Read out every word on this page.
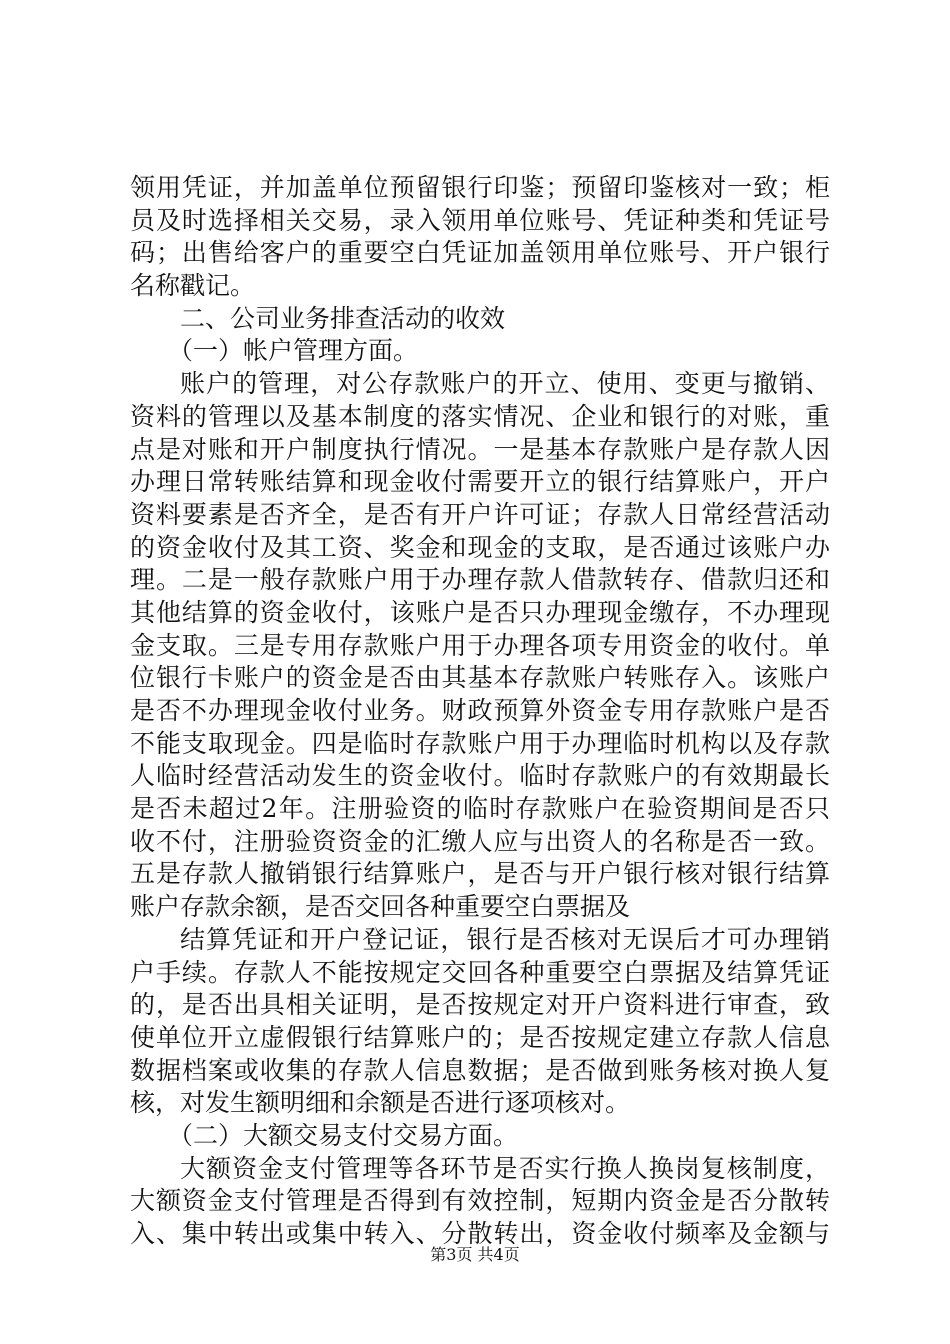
领用凭证，并加盖单位预留银行印鉴；预留印鉴核对一致；柜
员及时选择相关交易，录入领用单位账号、凭证种类和凭证号
码；出售给客户的重要空白凭证加盖领用单位账号、开户银行
名称戳记。
二、公司业务排查活动的收效
（一）帐户管理方面。
账户的管理，对公存款账户的开立、使用、变更与撤销、
资料的管理以及基本制度的落实情况、企业和银行的对账，重
点是对账和开户制度执行情况。一是基本存款账户是存款人因
办理日常转账结算和现金收付需要开立的银行结算账户，开户
资料要素是否齐全，是否有开户许可证；存款人日常经营活动
的资金收付及其工资、奖金和现金的支取，是否通过该账户办
理。二是一般存款账户用于办理存款人借款转存、借款归还和
其他结算的资金收付，该账户是否只办理现金缴存，不办理现
金支取。三是专用存款账户用于办理各项专用资金的收付。单
位银行卡账户的资金是否由其基本存款账户转账存入。该账户
是否不办理现金收付业务。财政预算外资金专用存款账户是否
不能支取现金。四是临时存款账户用于办理临时机构以及存款
人临时经营活动发生的资金收付。临时存款账户的有效期最长
是否未超过2年。注册验资的临时存款账户在验资期间是否只
收不付，注册验资资金的汇缴人应与出资人的名称是否一致。
五是存款人撤销银行结算账户，是否与开户银行核对银行结算
账户存款余额，是否交回各种重要空白票据及
结算凭证和开户登记证，银行是否核对无误后才可办理销
户手续。存款人不能按规定交回各种重要空白票据及结算凭证
的，是否出具相关证明，是否按规定对开户资料进行审查，致
使单位开立虚假银行结算账户的；是否按规定建立存款人信息
数据档案或收集的存款人信息数据；是否做到账务核对换人复
核，对发生额明细和余额是否进行逐项核对。
（二）大额交易支付交易方面。
大额资金支付管理等各环节是否实行换人换岗复核制度，
大额资金支付管理是否得到有效控制，短期内资金是否分散转
入、集中转出或集中转入、分散转出，资金收付频率及金额与
第3页 共4页
